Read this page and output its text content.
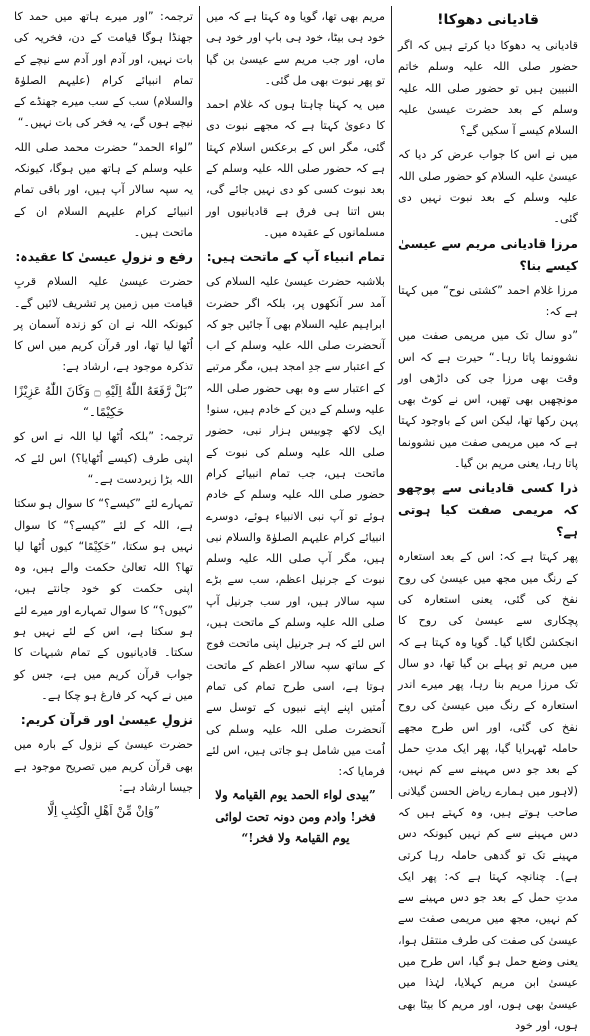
قادیانی دھوکا!

قادیانی یہ دھوکا دیا کرتے ہیں کہ اگر حضور صلی اللہ علیہ وسلم خاتم النبیین ہیں تو حضور صلی اللہ علیہ وسلم کے بعد حضرت عیسیٰ علیہ السلام کیسے آ سکیں گے؟

میں نے اس کا جواب عرض کر دیا کہ عیسیٰ علیہ السلام کو حضور صلی اللہ علیہ وسلم کے بعد نبوت نہیں دی گئی۔

مرزا قادیانی مریم سے عیسیٰ کیسے بنا؟

مرزا غلام احمد ”کشتی نوح“ میں کہتا ہے کہ:

”دو سال تک میں مریمی صفت میں نشوونما پاتا رہا۔“ حیرت ہے کہ اس وقت بھی مرزا جی کی داڑھی اور مونچھیں بھی تھیں، اس نے کوٹ بھی پہن رکھا تھا، لیکن اس کے باوجود کہتا ہے کہ میں مریمی صفت میں نشوونما پاتا رہا، یعنی مریم بن گیا۔

ذرا کسی قادیانی سے پوچھو کہ مریمی صفت کیا ہوتی ہے؟

پھر کہتا ہے کہ: اس کے بعد استعارہ کے رنگ میں مجھ میں عیسیٰ کی روح نفخ کی گئی، یعنی استعارہ کی پچکاری سے عیسیٰ کی روح کا انجکشن لگایا گیا۔ گویا وہ کہتا ہے کہ میں مریم تو پہلے بن گیا تھا، دو سال تک مرزا مریم بنا رہا، پھر میرے اندر استعارہ کے رنگ میں عیسیٰ کی روح نفخ کی گئی، اور اس طرح مجھے حاملہ ٹھہرایا گیا، پھر ایک مدتِ حمل کے بعد جو دس مہینے سے کم نہیں، (لاہور میں ہمارے ریاض الحسن گیلانی صاحب ہوتے ہیں، وہ کہتے ہیں کہ دس مہینے سے کم نہیں کیونکہ دس مہینے تک تو گدھی حاملہ رہا کرتی ہے)۔ چنانچہ کہتا ہے کہ: پھر ایک مدتِ حمل کے بعد جو دس مہینے سے کم نہیں، مجھ میں مریمی صفت سے عیسیٰ کی صفت کی طرف منتقل ہوا، یعنی وضع حمل ہو گیا، اس طرح میں عیسیٰ ابن مریم کہلایا، لہٰذا میں عیسیٰ بھی ہوں، اور مریم کا بیٹا بھی ہوں، اور خود

مریم بھی تھا، گویا وہ کہتا ہے کہ میں خود ہی بیٹا، خود ہی باپ اور خود ہی ماں، اور جب مریم سے عیسیٰ بن گیا تو پھر نبوت بھی مل گئی۔

میں یہ کہنا چاہتا ہوں کہ غلام احمد کا دعویٰ کہتا ہے کہ مجھے نبوت دی گئی، مگر اس کے برعکس اسلام کہتا ہے کہ حضور صلی اللہ علیہ وسلم کے بعد نبوت کسی کو دی نہیں جائے گی، بس اتنا ہی فرق ہے قادیانیوں اور مسلمانوں کے عقیدہ میں۔

تمام انبیاء آپ کے ماتحت ہیں:

بلاشبہ حضرت عیسیٰ علیہ السلام کی آمد سر آنکھوں پر، بلکہ اگر حضرت ابراہیم علیہ السلام بھی آ جائیں جو کہ آنحضرت صلی اللہ علیہ وسلم کے اب کے اعتبار سے جدِ امجد ہیں، مگر مرتبے کے اعتبار سے وہ بھی حضور صلی اللہ علیہ وسلم کے دین کے خادم ہیں، سنو! ایک لاکھ چوبیس ہزار نبی، حضور صلی اللہ علیہ وسلم کی نبوت کے ماتحت ہیں، جب تمام انبیائے کرام حضور صلی اللہ علیہ وسلم کے خادم ہوئے تو آپ نبی الانبیاء ہوئے، دوسرے انبیائے کرام علیہم الصلوٰۃ والسلام نبی ہیں، مگر آپ صلی اللہ علیہ وسلم نبوت کے جرنیل اعظم، سب سے بڑے سپہ سالار ہیں، اور سب جرنیل آپ صلی اللہ علیہ وسلم کے ماتحت ہیں، اس لئے کہ ہر جرنیل اپنی ماتحت فوج کے ساتھ سپہ سالار اعظم کے ماتحت ہوتا ہے، اسی طرح تمام کی تمام اُمتیں اپنے اپنے نبیوں کے توسل سے آنحضرت صلی اللہ علیہ وسلم کی اُمت میں شامل ہو جاتی ہیں، اس لئے فرمایا کہ:

”بیدی لواء الحمد یوم القیامۃ ولا فخر! وادم ومن دونہ تحت لوائی یوم القیامۃ ولا فخر!“

ترجمہ: ”اور میرے ہاتھ میں حمد کا جھنڈا ہوگا قیامت کے دن، فخریہ کی بات نہیں، اور آدم اور آدم سے نیچے کے تمام انبیائے کرام (علیہم الصلوٰۃ والسلام) سب کے سب میرے جھنڈے کے نیچے ہوں گے، یہ فخر کی بات نہیں۔“

”لواء الحمد“ حضرت محمد صلی اللہ علیہ وسلم کے ہاتھ میں ہوگا، کیونکہ یہ سپہ سالار آپ ہیں، اور باقی تمام انبیائے کرام علیہم السلام ان کے ماتحت ہیں۔

رفع و نزولِ عیسیٰ کا عقیدہ:

حضرت عیسیٰ علیہ السلام قربِ قیامت میں زمین پر تشریف لائیں گے۔ کیونکہ اللہ نے ان کو زندہ آسمان پر اُٹھا لیا تھا، اور قرآن کریم میں اس کا تذکرہ موجود ہے، ارشاد ہے:

”بَلْ رَّفَعَهُ اللّٰهُ اِلَيْهِ ۝ وَكَانَ اللّٰهُ عَزِيْزًا حَكِيْمًا۔“

ترجمہ: ”بلکہ اُٹھا لیا اللہ نے اس کو اپنی طرف (کیسے اُٹھایا؟) اس لئے کہ اللہ بڑا زبردست ہے۔“

تمہارے لئے ”کیسے؟“ کا سوال ہو سکتا ہے، اللہ کے لئے ”کیسے؟“ کا سوال نہیں ہو سکتا، ”حَكِيْمًا“ کیوں اُٹھا لیا تھا؟ اللہ تعالیٰ حکمت والے ہیں، وہ اپنی حکمت کو خود جانتے ہیں، ”کیوں؟“ کا سوال تمہارے اور میرے لئے ہو سکتا ہے، اس کے لئے نہیں ہو سکتا۔ قادیانیوں کے تمام شبہات کا جواب قرآن کریم میں ہے، جس کو میں نے کہہ کر فارغ ہو چکا ہے۔

نزولِ عیسیٰ اور قرآن کریم:

حضرت عیسیٰ کے نزول کے بارہ میں بھی قرآن کریم میں تصریح موجود ہے جیسا ارشاد ہے:

”وَاِنْ مِّنْ اَهْلِ الْكِتٰبِ اِلَّا
